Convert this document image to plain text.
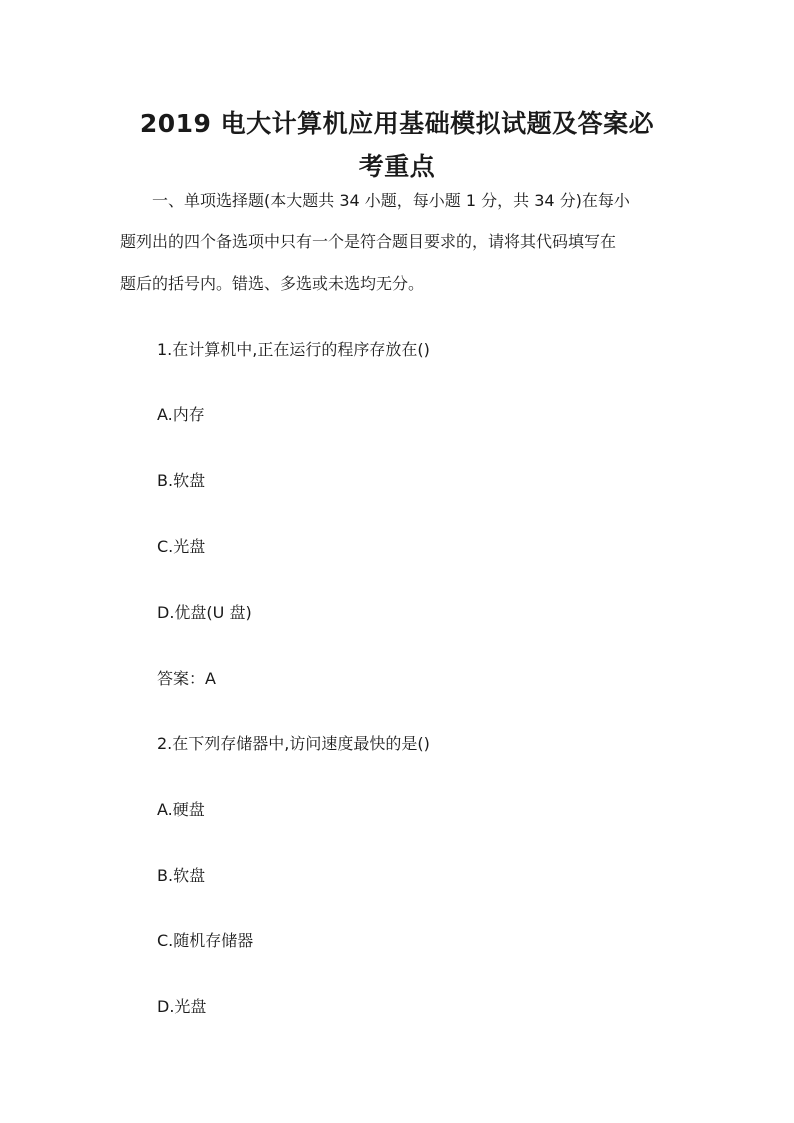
2019 电大计算机应用基础模拟试题及答案必
考重点
　　一、单项选择题(本大题共 34 小题，每小题 1 分，共 34 分)在每小
题列出的四个备选项中只有一个是符合题目要求的，请将其代码填写在
题后的括号内。错选、多选或未选均无分。
1.在计算机中,正在运行的程序存放在()
A.内存
B.软盘
C.光盘
D.优盘(U 盘)
答案：A
2.在下列存储器中,访问速度最快的是()
A.硬盘
B.软盘
C.随机存储器
D.光盘
